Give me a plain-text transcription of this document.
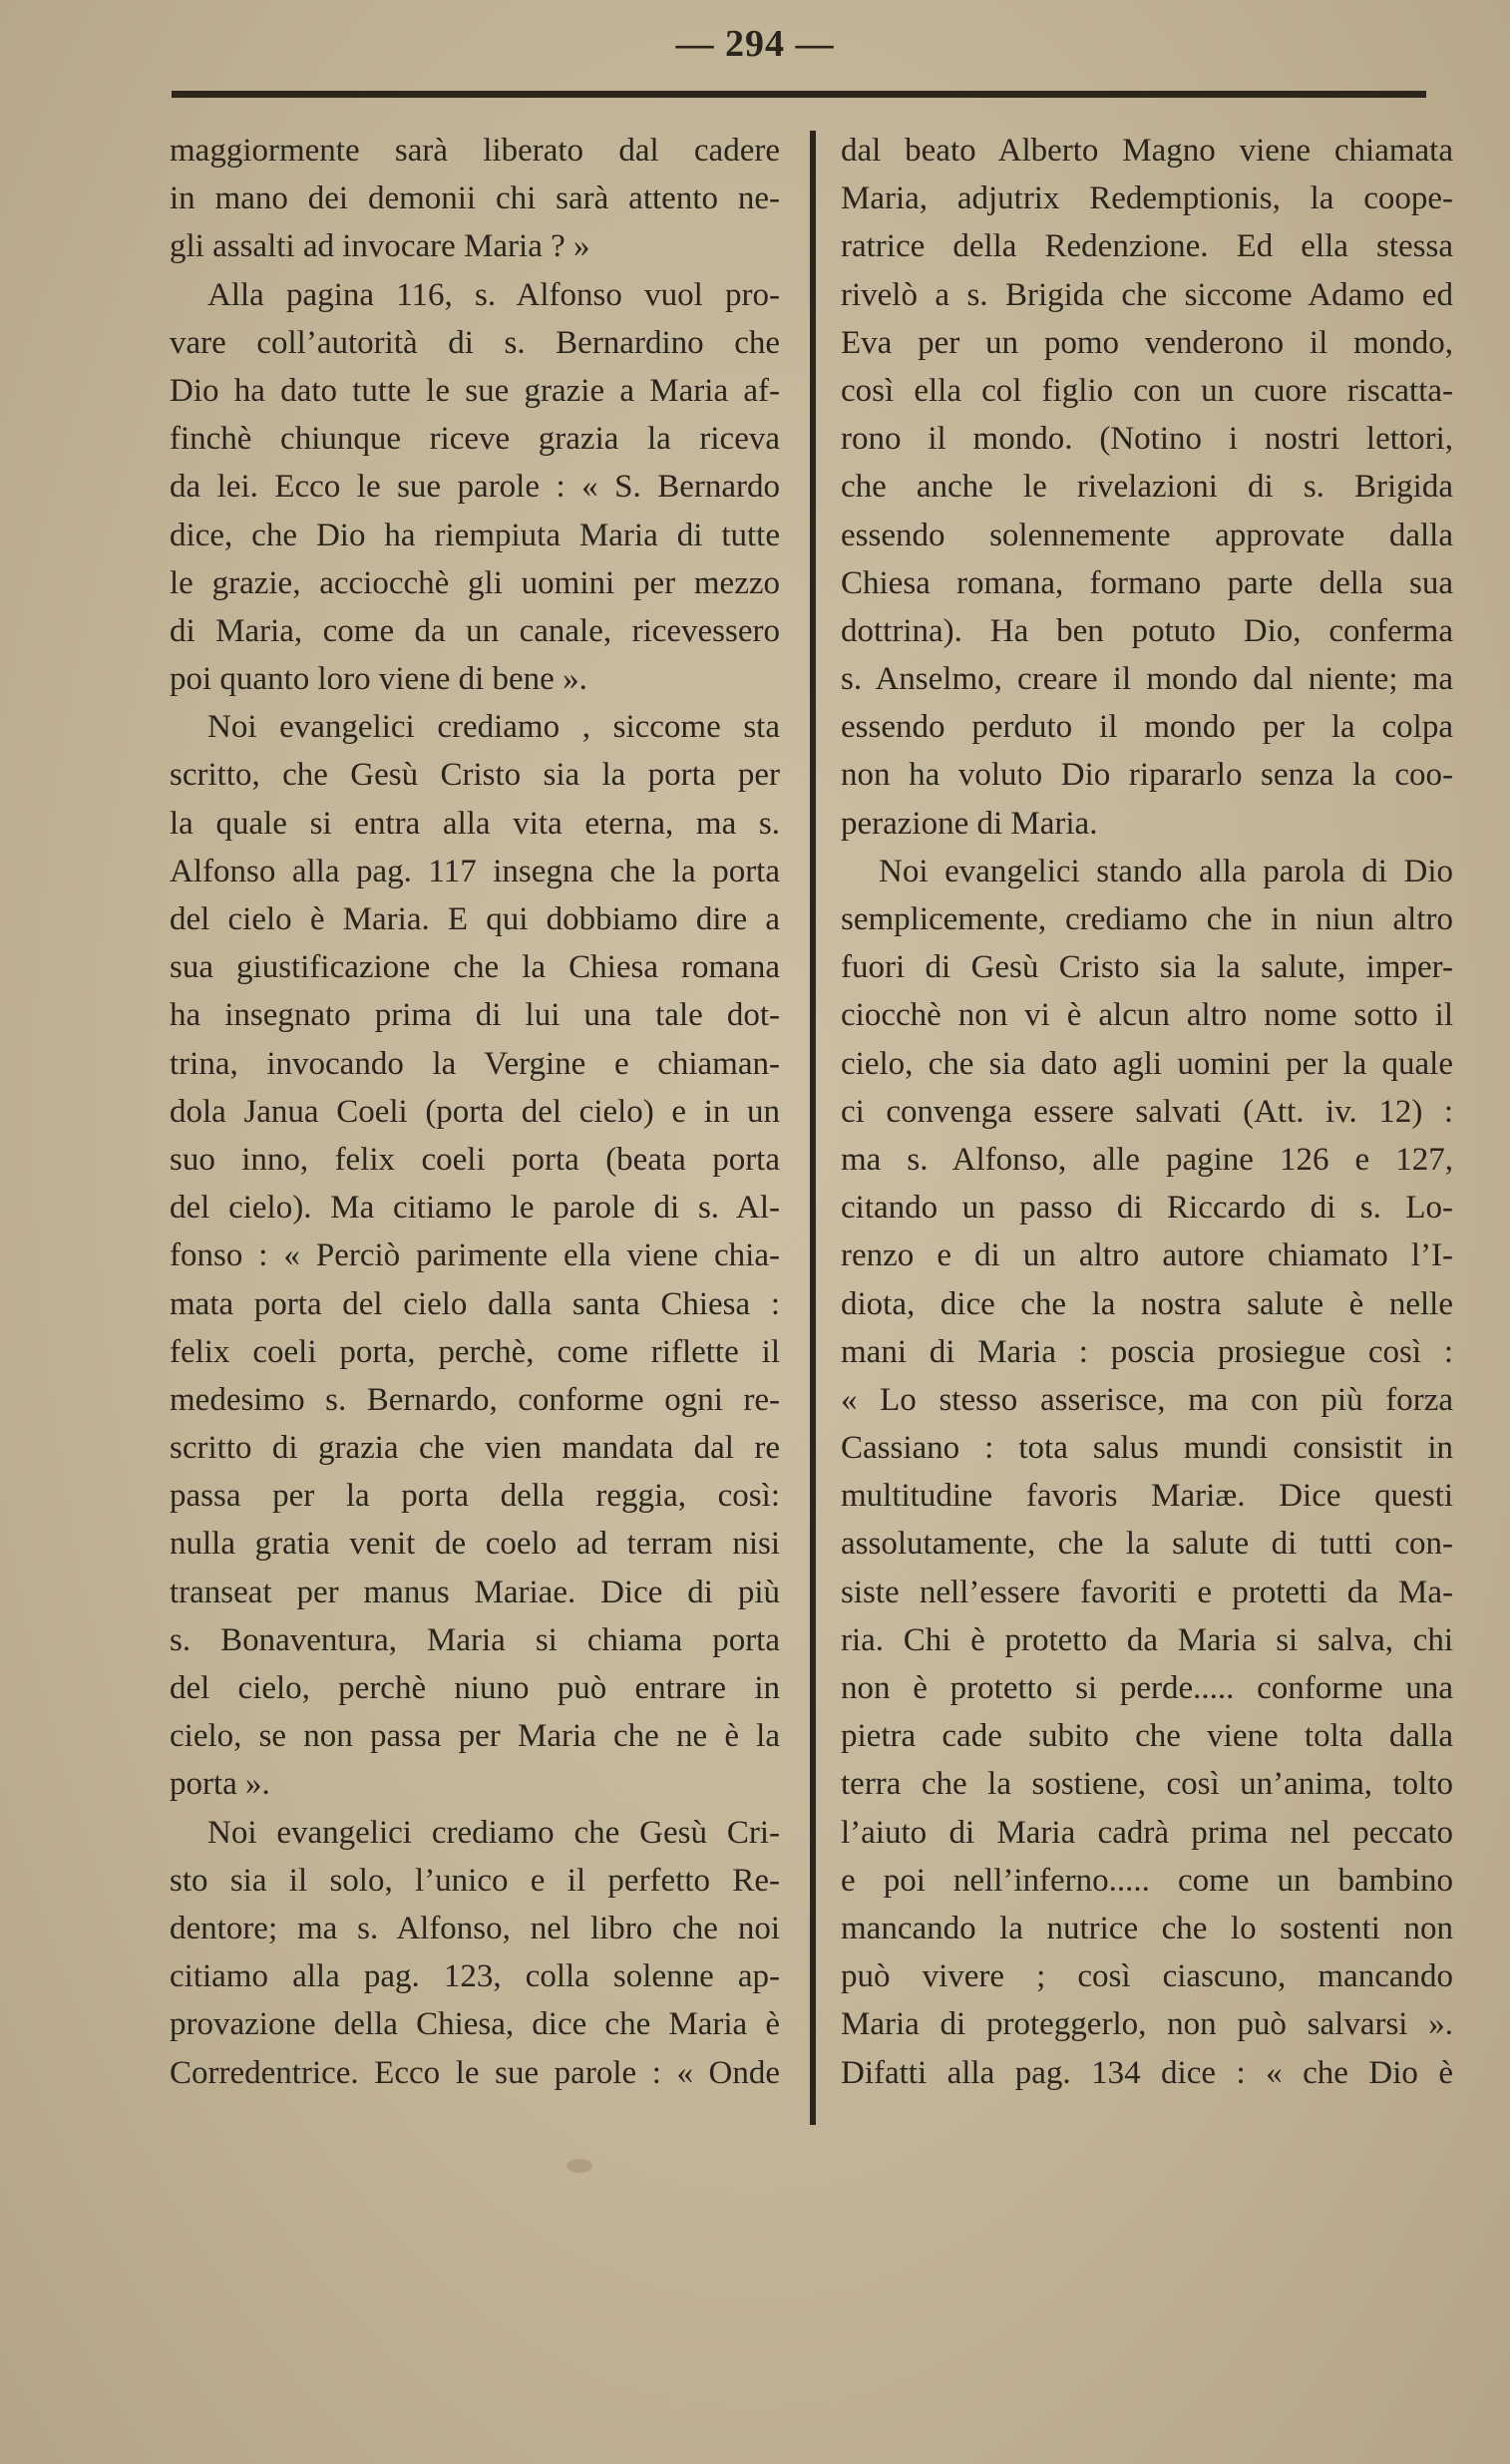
— 294 —
maggiormente sarà liberato dal cadere
in mano dei demonii chi sarà attento ne-
gli assalti ad invocare Maria ? »
Alla pagina 116, s. Alfonso vuol pro-
vare coll’autorità di s. Bernardino che
Dio ha dato tutte le sue grazie a Maria af-
finchè chiunque riceve grazia la riceva
da lei. Ecco le sue parole : « S. Bernardo
dice, che Dio ha riempiuta Maria di tutte
le grazie, acciocchè gli uomini per mezzo
di Maria, come da un canale, ricevessero
poi quanto loro viene di bene ».
Noi evangelici crediamo , siccome sta
scritto, che Gesù Cristo sia la porta per
la quale si entra alla vita eterna, ma s.
Alfonso alla pag. 117 insegna che la porta
del cielo è Maria. E qui dobbiamo dire a
sua giustificazione che la Chiesa romana
ha insegnato prima di lui una tale dot-
trina, invocando la Vergine e chiaman-
dola Janua Coeli (porta del cielo) e in un
suo inno, felix coeli porta (beata porta
del cielo). Ma citiamo le parole di s. Al-
fonso : « Perciò parimente ella viene chia-
mata porta del cielo dalla santa Chiesa :
felix coeli porta, perchè, come riflette il
medesimo s. Bernardo, conforme ogni re-
scritto di grazia che vien mandata dal re
passa per la porta della reggia, così:
nulla gratia venit de coelo ad terram nisi
transeat per manus Mariae. Dice di più
s. Bonaventura, Maria si chiama porta
del cielo, perchè niuno può entrare in
cielo, se non passa per Maria che ne è la
porta ».
Noi evangelici crediamo che Gesù Cri-
sto sia il solo, l’unico e il perfetto Re-
dentore; ma s. Alfonso, nel libro che noi
citiamo alla pag. 123, colla solenne ap-
provazione della Chiesa, dice che Maria è
Corredentrice. Ecco le sue parole : « Onde
dal beato Alberto Magno viene chiamata
Maria, adjutrix Redemptionis, la coope-
ratrice della Redenzione. Ed ella stessa
rivelò a s. Brigida che siccome Adamo ed
Eva per un pomo venderono il mondo,
così ella col figlio con un cuore riscatta-
rono il mondo. (Notino i nostri lettori,
che anche le rivelazioni di s. Brigida
essendo solennemente approvate dalla
Chiesa romana, formano parte della sua
dottrina). Ha ben potuto Dio, conferma
s. Anselmo, creare il mondo dal niente; ma
essendo perduto il mondo per la colpa
non ha voluto Dio ripararlo senza la coo-
perazione di Maria.
Noi evangelici stando alla parola di Dio
semplicemente, crediamo che in niun altro
fuori di Gesù Cristo sia la salute, imper-
ciocchè non vi è alcun altro nome sotto il
cielo, che sia dato agli uomini per la quale
ci convenga essere salvati (Att. iv. 12) :
ma s. Alfonso, alle pagine 126 e 127,
citando un passo di Riccardo di s. Lo-
renzo e di un altro autore chiamato l’I-
diota, dice che la nostra salute è nelle
mani di Maria : poscia prosiegue così :
« Lo stesso asserisce, ma con più forza
Cassiano : tota salus mundi consistit in
multitudine favoris Mariæ. Dice questi
assolutamente, che la salute di tutti con-
siste nell’essere favoriti e protetti da Ma-
ria. Chi è protetto da Maria si salva, chi
non è protetto si perde..... conforme una
pietra cade subito che viene tolta dalla
terra che la sostiene, così un’anima, tolto
l’aiuto di Maria cadrà prima nel peccato
e poi nell’inferno..... come un bambino
mancando la nutrice che lo sostenti non
può vivere ; così ciascuno, mancando
Maria di proteggerlo, non può salvarsi ».
Difatti alla pag. 134 dice : « che Dio è
